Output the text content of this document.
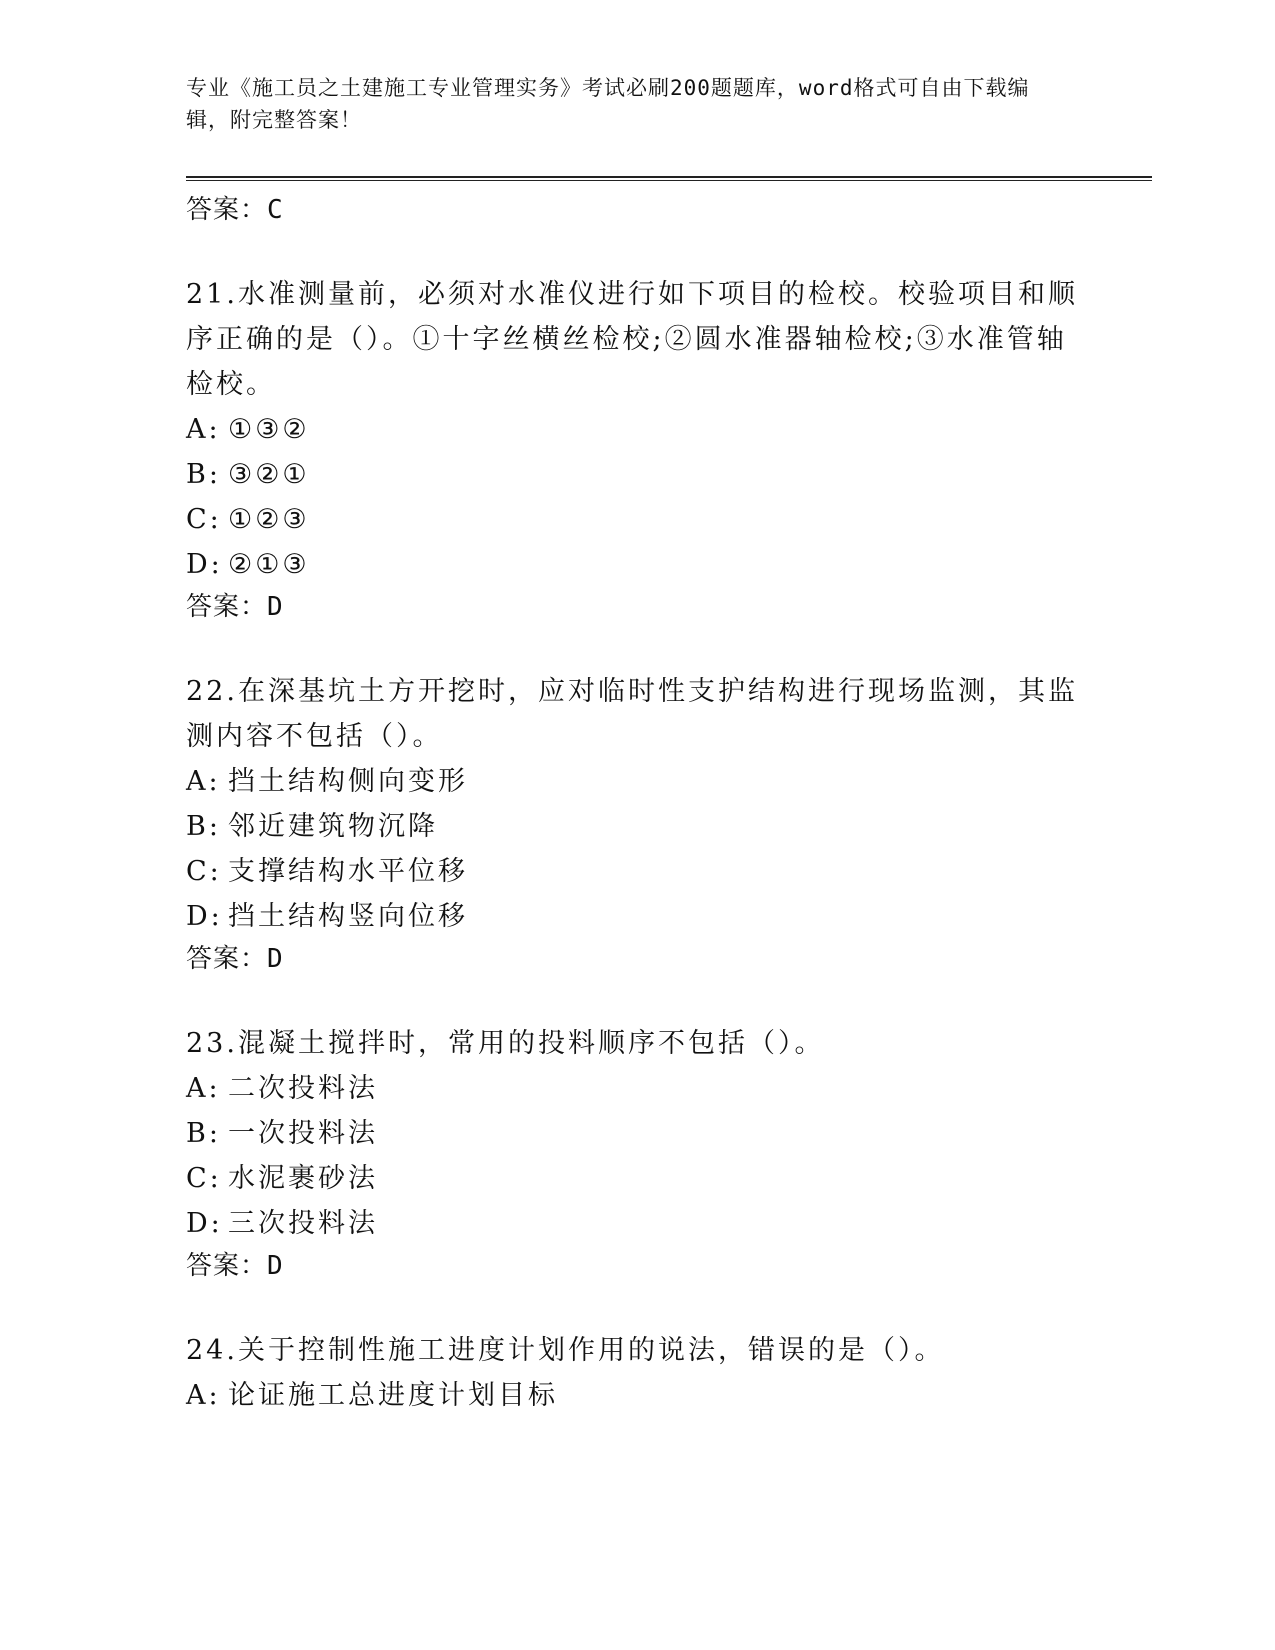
专业《施工员之土建施工专业管理实务》考试必刷200题题库，word格式可自由下载编辑，附完整答案！
答案：C
21.水准测量前，必须对水准仪进行如下项目的检校。校验项目和顺序正确的是（）。①十字丝横丝检校;②圆水准器轴检校;③水准管轴检校。
A: ①③②
B: ③②①
C: ①②③
D: ②①③
答案：D
22.在深基坑土方开挖时，应对临时性支护结构进行现场监测，其监测内容不包括（）。
A: 挡土结构侧向变形
B: 邻近建筑物沉降
C: 支撑结构水平位移
D: 挡土结构竖向位移
答案：D
23.混凝土搅拌时，常用的投料顺序不包括（）。
A: 二次投料法
B: 一次投料法
C: 水泥裹砂法
D: 三次投料法
答案：D
24.关于控制性施工进度计划作用的说法，错误的是（）。
A: 论证施工总进度计划目标
